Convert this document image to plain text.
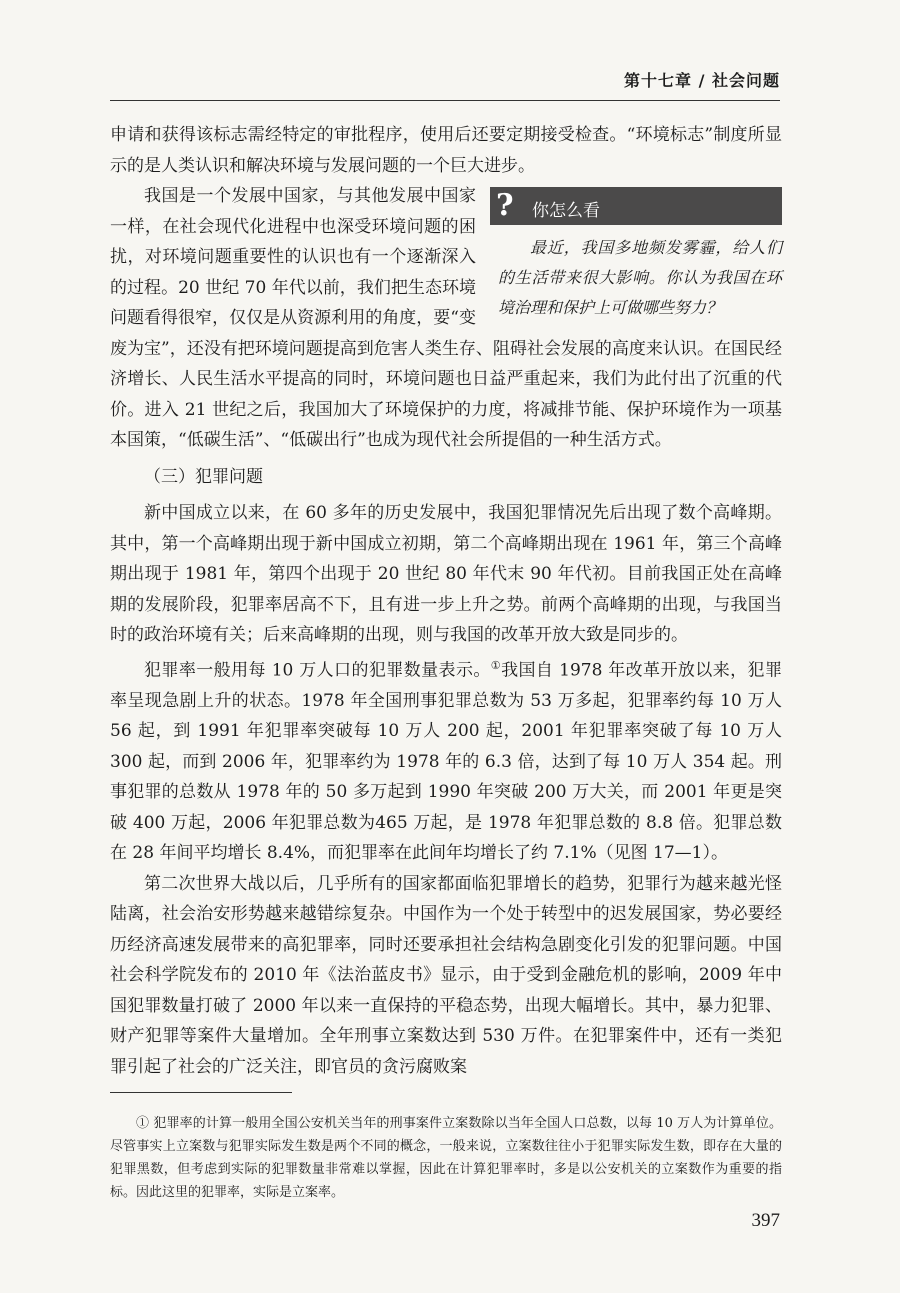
第十七章 / 社会问题

申请和获得该标志需经特定的审批程序，使用后还要定期接受检查。“环境标志”制度所显示的是人类认识和解决环境与发展问题的一个巨大进步。

?	你怎么看
最近，我国多地频发雾霾，给人们的生活带来很大影响。你认为我国在环境治理和保护上可做哪些努力？

我国是一个发展中国家，与其他发展中国家一样，在社会现代化进程中也深受环境问题的困扰，对环境问题重要性的认识也有一个逐渐深入的过程。20 世纪 70 年代以前，我们把生态环境问题看得很窄，仅仅是从资源利用的角度，要“变废为宝”，还没有把环境问题提高到危害人类生存、阻碍社会发展的高度来认识。在国民经济增长、人民生活水平提高的同时，环境问题也日益严重起来，我们为此付出了沉重的代价。进入 21 世纪之后，我国加大了环境保护的力度，将减排节能、保护环境作为一项基本国策，“低碳生活”、“低碳出行”也成为现代社会所提倡的一种生活方式。

（三）犯罪问题

新中国成立以来，在 60 多年的历史发展中，我国犯罪情况先后出现了数个高峰期。其中，第一个高峰期出现于新中国成立初期，第二个高峰期出现在 1961 年，第三个高峰期出现于 1981 年，第四个出现于 20 世纪 80 年代末 90 年代初。目前我国正处在高峰期的发展阶段，犯罪率居高不下，且有进一步上升之势。前两个高峰期的出现，与我国当时的政治环境有关；后来高峰期的出现，则与我国的改革开放大致是同步的。

犯罪率一般用每 10 万人口的犯罪数量表示。①我国自 1978 年改革开放以来，犯罪率呈现急剧上升的状态。1978 年全国刑事犯罪总数为 53 万多起，犯罪率约每 10 万人 56 起，到 1991 年犯罪率突破每 10 万人 200 起，2001 年犯罪率突破了每 10 万人 300 起，而到 2006 年，犯罪率约为 1978 年的 6.3 倍，达到了每 10 万人 354 起。刑事犯罪的总数从 1978 年的 50 多万起到 1990 年突破 200 万大关，而 2001 年更是突破 400 万起，2006 年犯罪总数为465 万起，是 1978 年犯罪总数的 8.8 倍。犯罪总数在 28 年间平均增长 8.4%，而犯罪率在此间年均增长了约 7.1%（见图 17—1）。

第二次世界大战以后，几乎所有的国家都面临犯罪增长的趋势，犯罪行为越来越光怪陆离，社会治安形势越来越错综复杂。中国作为一个处于转型中的迟发展国家，势必要经历经济高速发展带来的高犯罪率，同时还要承担社会结构急剧变化引发的犯罪问题。中国社会科学院发布的 2010 年《法治蓝皮书》显示，由于受到金融危机的影响，2009 年中国犯罪数量打破了 2000 年以来一直保持的平稳态势，出现大幅增长。其中，暴力犯罪、财产犯罪等案件大量增加。全年刑事立案数达到 530 万件。在犯罪案件中，还有一类犯罪引起了社会的广泛关注，即官员的贪污腐败案

① 犯罪率的计算一般用全国公安机关当年的刑事案件立案数除以当年全国人口总数，以每 10 万人为计算单位。尽管事实上立案数与犯罪实际发生数是两个不同的概念，一般来说，立案数往往小于犯罪实际发生数，即存在大量的犯罪黑数，但考虑到实际的犯罪数量非常难以掌握，因此在计算犯罪率时，多是以公安机关的立案数作为重要的指标。因此这里的犯罪率，实际是立案率。
397
